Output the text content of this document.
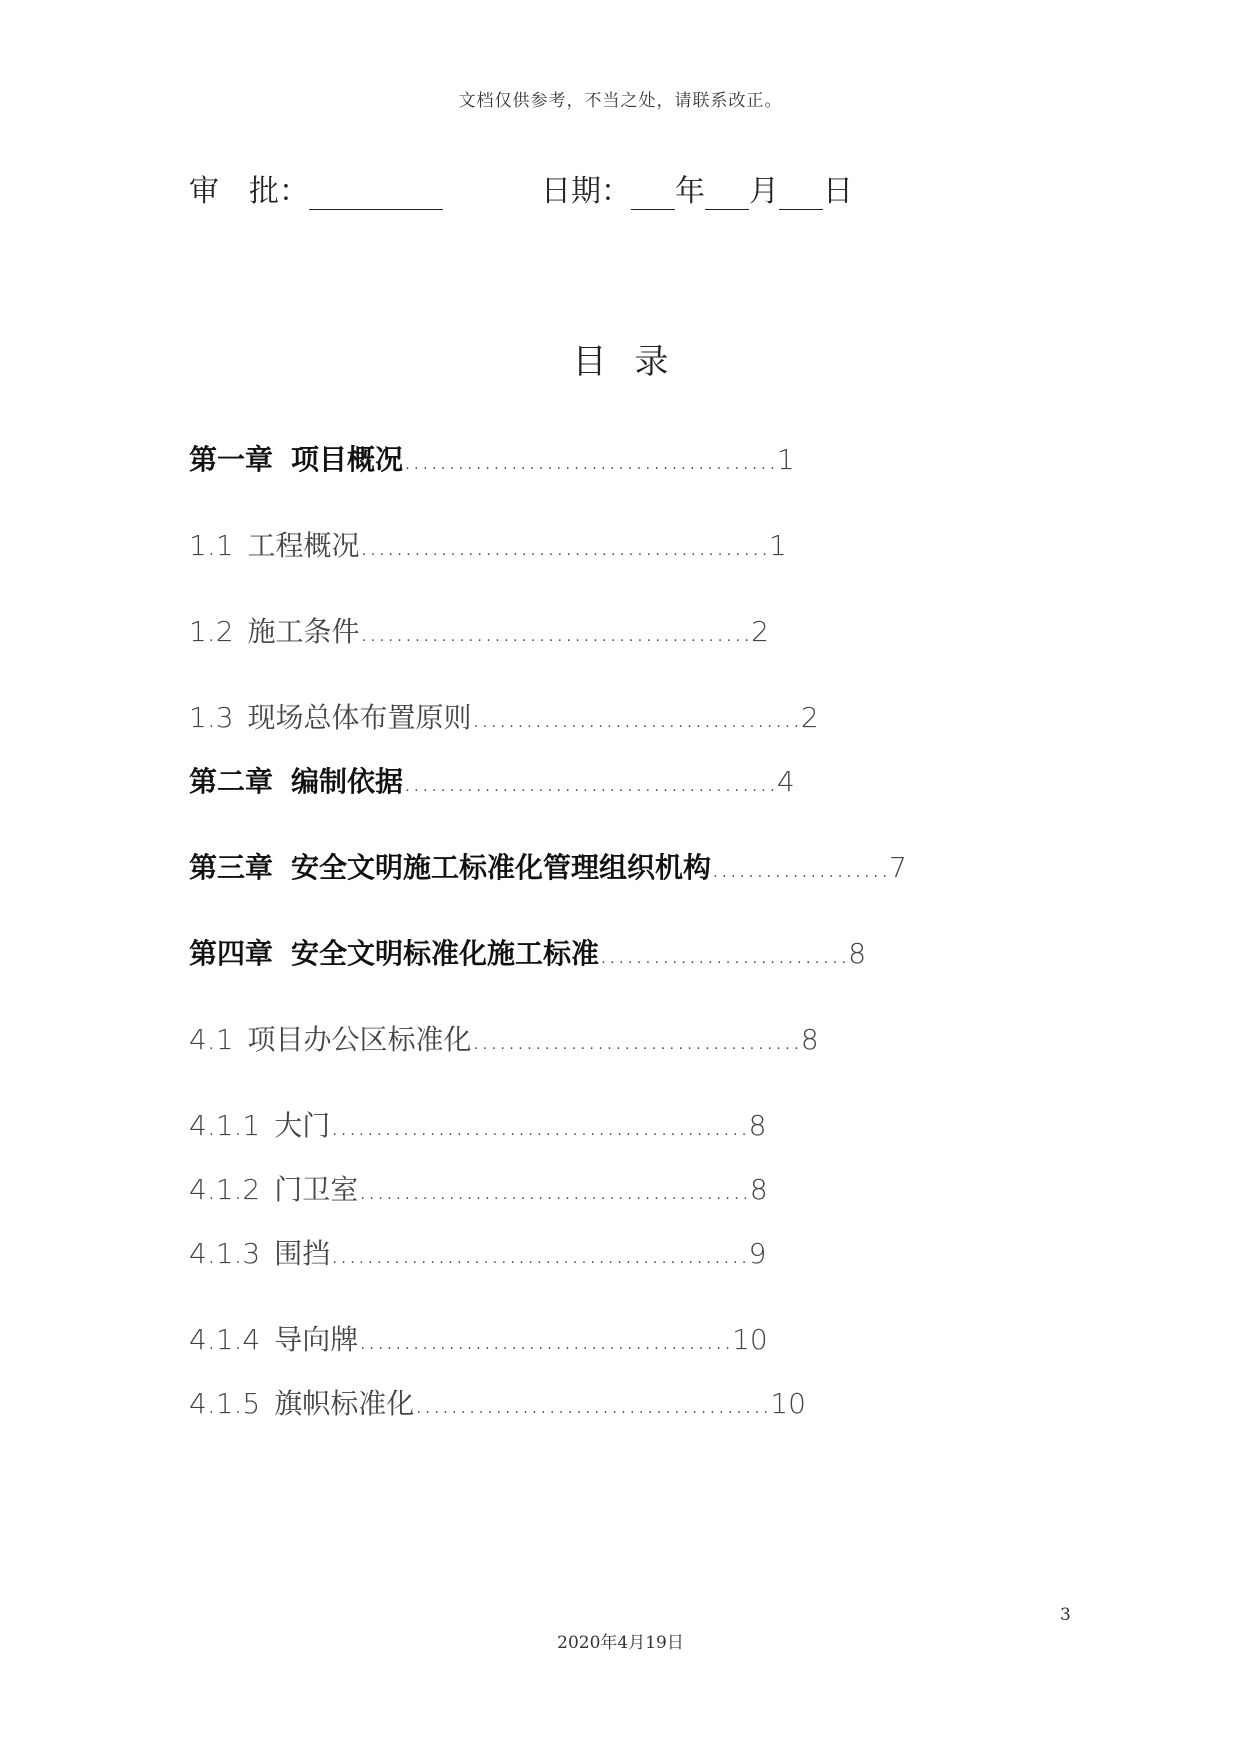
文档仅供参考，不当之处，请联系改正。
审　批：	日期： 年 月 日
目录
第一章 项目概况..........................................1
1.1 工程概况..............................................1
1.2 施工条件............................................2
1.3 现场总体布置原则.....................................2
第二章 编制依据..........................................4
第三章 安全文明施工标准化管理组织机构....................7
第四章 安全文明标准化施工标准............................8
4.1 项目办公区标准化.....................................8
4.1.1 大门...............................................8
4.1.2 门卫室............................................8
4.1.3 围挡...............................................9
4.1.4 导向牌..........................................10
4.1.5 旗帜标准化........................................10
3
2020年4月19日
